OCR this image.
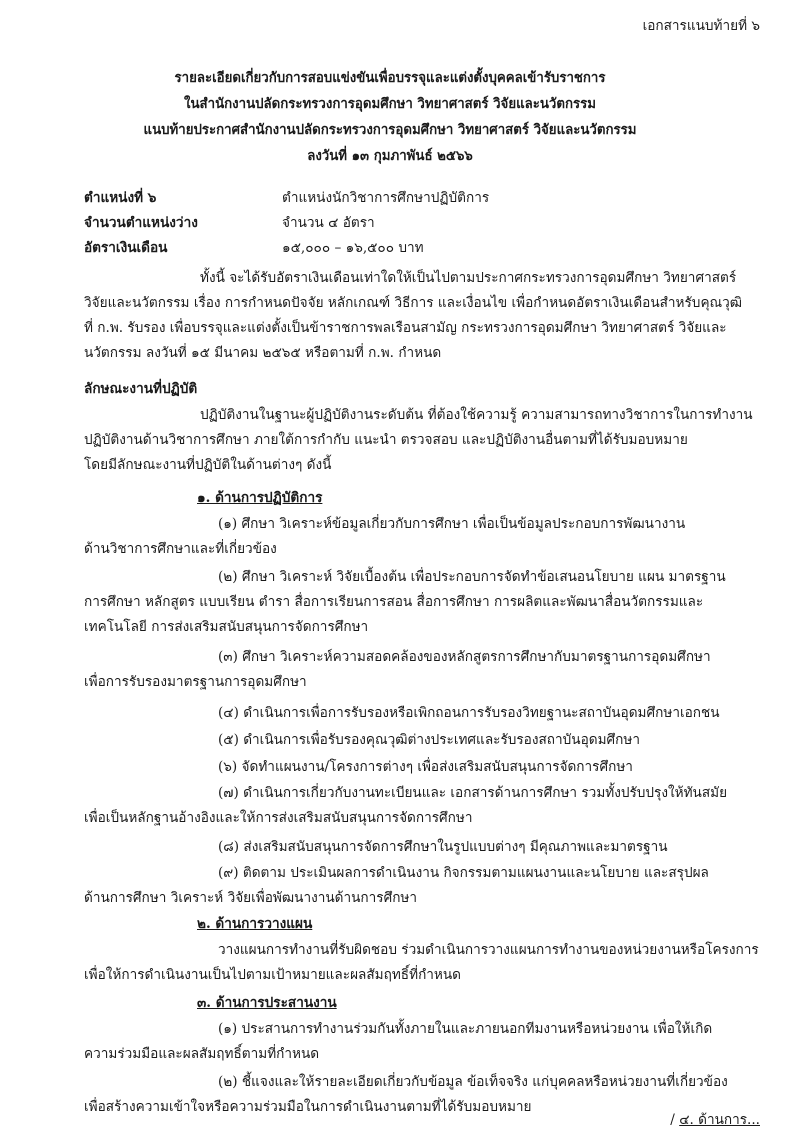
เอกสารแนบท้ายที่ ๖
รายละเอียดเกี่ยวกับการสอบแข่งขันเพื่อบรรจุและแต่งตั้งบุคคลเข้ารับราชการ
ในสำนักงานปลัดกระทรวงการอุดมศึกษา วิทยาศาสตร์ วิจัยและนวัตกรรม
แนบท้ายประกาศสำนักงานปลัดกระทรวงการอุดมศึกษา วิทยาศาสตร์ วิจัยและนวัตกรรม
ลงวันที่ ๑๓ กุมภาพันธ์ ๒๕๖๖
ตำแหน่งที่ ๖	ตำแหน่งนักวิชาการศึกษาปฏิบัติการ
จำนวนตำแหน่งว่าง	จำนวน ๔ อัตรา
อัตราเงินเดือน	๑๕,๐๐๐ – ๑๖,๕๐๐ บาท
ทั้งนี้ จะได้รับอัตราเงินเดือนเท่าใดให้เป็นไปตามประกาศกระทรวงการอุดมศึกษา วิทยาศาสตร์
วิจัยและนวัตกรรม เรื่อง การกำหนดปัจจัย หลักเกณฑ์ วิธีการ และเงื่อนไข เพื่อกำหนดอัตราเงินเดือนสำหรับคุณวุฒิ
ที่ ก.พ. รับรอง เพื่อบรรจุและแต่งตั้งเป็นข้าราชการพลเรือนสามัญ กระทรวงการอุดมศึกษา วิทยาศาสตร์ วิจัยและ
นวัตกรรม ลงวันที่ ๑๕ มีนาคม ๒๕๖๕ หรือตามที่ ก.พ. กำหนด
ลักษณะงานที่ปฏิบัติ
ปฏิบัติงานในฐานะผู้ปฏิบัติงานระดับต้น ที่ต้องใช้ความรู้ ความสามารถทางวิชาการในการทำงาน
ปฏิบัติงานด้านวิชาการศึกษา ภายใต้การกำกับ แนะนำ ตรวจสอบ และปฏิบัติงานอื่นตามที่ได้รับมอบหมาย
โดยมีลักษณะงานที่ปฏิบัติในด้านต่างๆ ดังนี้
๑. ด้านการปฏิบัติการ
(๑) ศึกษา วิเคราะห์ข้อมูลเกี่ยวกับการศึกษา เพื่อเป็นข้อมูลประกอบการพัฒนางาน
ด้านวิชาการศึกษาและที่เกี่ยวข้อง
(๒) ศึกษา วิเคราะห์ วิจัยเบื้องต้น เพื่อประกอบการจัดทำข้อเสนอนโยบาย แผน มาตรฐาน
การศึกษา หลักสูตร แบบเรียน ตำรา สื่อการเรียนการสอน สื่อการศึกษา การผลิตและพัฒนาสื่อนวัตกรรมและ
เทคโนโลยี การส่งเสริมสนับสนุนการจัดการศึกษา
(๓) ศึกษา วิเคราะห์ความสอดคล้องของหลักสูตรการศึกษากับมาตรฐานการอุดมศึกษา
เพื่อการรับรองมาตรฐานการอุดมศึกษา
(๔) ดำเนินการเพื่อการรับรองหรือเพิกถอนการรับรองวิทยฐานะสถาบันอุดมศึกษาเอกชน
(๕) ดำเนินการเพื่อรับรองคุณวุฒิต่างประเทศและรับรองสถาบันอุดมศึกษา
(๖) จัดทำแผนงาน/โครงการต่างๆ เพื่อส่งเสริมสนับสนุนการจัดการศึกษา
(๗) ดำเนินการเกี่ยวกับงานทะเบียนและ เอกสารด้านการศึกษา รวมทั้งปรับปรุงให้ทันสมัย
เพื่อเป็นหลักฐานอ้างอิงและให้การส่งเสริมสนับสนุนการจัดการศึกษา
(๘) ส่งเสริมสนับสนุนการจัดการศึกษาในรูปแบบต่างๆ มีคุณภาพและมาตรฐาน
(๙) ติดตาม ประเมินผลการดำเนินงาน กิจกรรมตามแผนงานและนโยบาย และสรุปผล
ด้านการศึกษา วิเคราะห์ วิจัยเพื่อพัฒนางานด้านการศึกษา
๒. ด้านการวางแผน
วางแผนการทำงานที่รับผิดชอบ ร่วมดำเนินการวางแผนการทำงานของหน่วยงานหรือโครงการ
เพื่อให้การดำเนินงานเป็นไปตามเป้าหมายและผลสัมฤทธิ์ที่กำหนด
๓. ด้านการประสานงาน
(๑) ประสานการทำงานร่วมกันทั้งภายในและภายนอกทีมงานหรือหน่วยงาน เพื่อให้เกิด
ความร่วมมือและผลสัมฤทธิ์ตามที่กำหนด
(๒) ชี้แจงและให้รายละเอียดเกี่ยวกับข้อมูล ข้อเท็จจริง แก่บุคคลหรือหน่วยงานที่เกี่ยวข้อง
เพื่อสร้างความเข้าใจหรือความร่วมมือในการดำเนินงานตามที่ได้รับมอบหมาย
/ ๔. ด้านการ...
